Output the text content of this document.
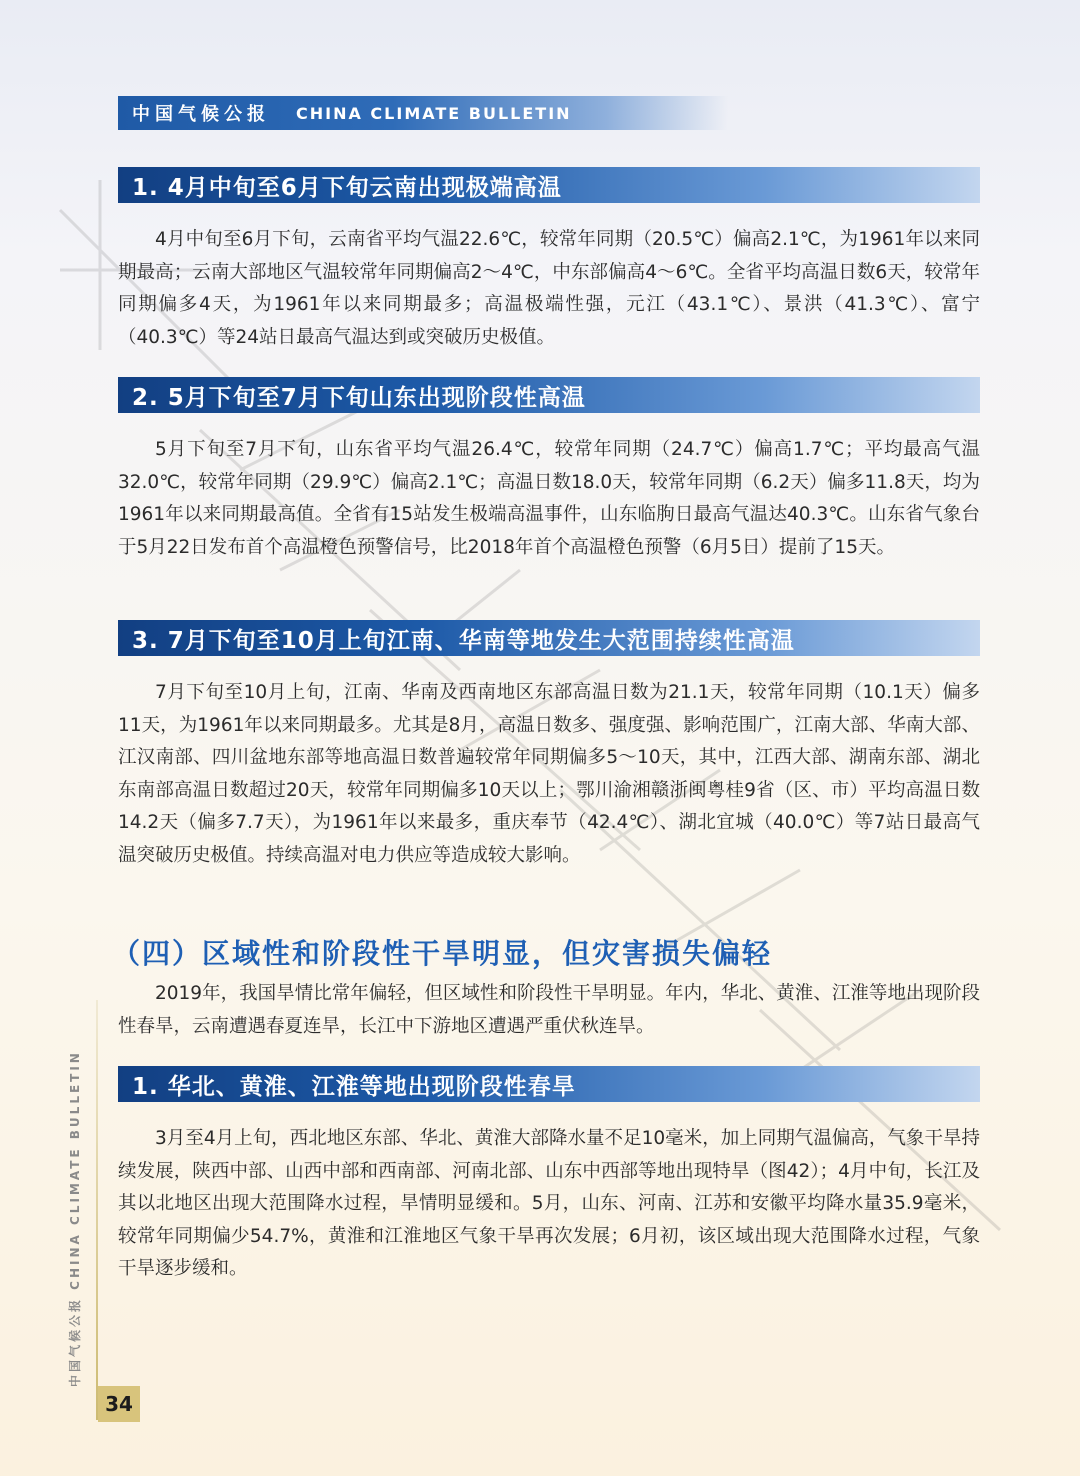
中国气候公报 CHINA CLIMATE BULLETIN
1. 4月中旬至6月下旬云南出现极端高温

4月中旬至6月下旬，云南省平均气温22.6℃，较常年同期（20.5℃）偏高2.1℃，为1961年以来同期最高；云南大部地区气温较常年同期偏高2～4℃，中东部偏高4～6℃。全省平均高温日数6天，较常年同期偏多4天，为1961年以来同期最多；高温极端性强，元江（43.1℃）、景洪（41.3℃）、富宁（40.3℃）等24站日最高气温达到或突破历史极值。

2. 5月下旬至7月下旬山东出现阶段性高温

5月下旬至7月下旬，山东省平均气温26.4℃，较常年同期（24.7℃）偏高1.7℃；平均最高气温32.0℃，较常年同期（29.9℃）偏高2.1℃；高温日数18.0天，较常年同期（6.2天）偏多11.8天，均为1961年以来同期最高值。全省有15站发生极端高温事件，山东临朐日最高气温达40.3℃。山东省气象台于5月22日发布首个高温橙色预警信号，比2018年首个高温橙色预警（6月5日）提前了15天。

3. 7月下旬至10月上旬江南、华南等地发生大范围持续性高温

7月下旬至10月上旬，江南、华南及西南地区东部高温日数为21.1天，较常年同期（10.1天）偏多11天，为1961年以来同期最多。尤其是8月，高温日数多、强度强、影响范围广，江南大部、华南大部、江汉南部、四川盆地东部等地高温日数普遍较常年同期偏多5～10天，其中，江西大部、湖南东部、湖北东南部高温日数超过20天，较常年同期偏多10天以上；鄂川渝湘赣浙闽粤桂9省（区、市）平均高温日数14.2天（偏多7.7天），为1961年以来最多，重庆奉节（42.4℃）、湖北宜城（40.0℃）等7站日最高气温突破历史极值。持续高温对电力供应等造成较大影响。

（四）区域性和阶段性干旱明显，但灾害损失偏轻

2019年，我国旱情比常年偏轻，但区域性和阶段性干旱明显。年内，华北、黄淮、江淮等地出现阶段性春旱，云南遭遇春夏连旱，长江中下游地区遭遇严重伏秋连旱。

1. 华北、黄淮、江淮等地出现阶段性春旱

3月至4月上旬，西北地区东部、华北、黄淮大部降水量不足10毫米，加上同期气温偏高，气象干旱持续发展，陕西中部、山西中部和西南部、河南北部、山东中西部等地出现特旱（图42）；4月中旬，长江及其以北地区出现大范围降水过程，旱情明显缓和。5月，山东、河南、江苏和安徽平均降水量35.9毫米，较常年同期偏少54.7%，黄淮和江淮地区气象干旱再次发展；6月初，该区域出现大范围降水过程，气象干旱逐步缓和。

中国气候公报 CHINA CLIMATE BULLETIN
34
